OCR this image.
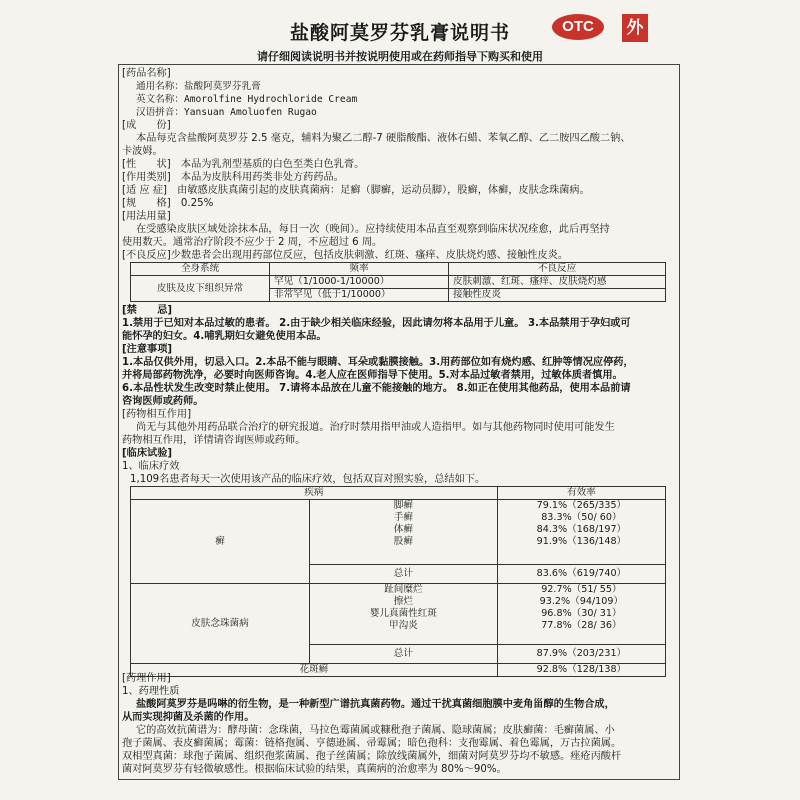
盐酸阿莫罗芬乳膏说明书	OTC	外
请仔细阅读说明书并按说明使用或在药师指导下购买和使用
[药品名称]
通用名称：盐酸阿莫罗芬乳膏
英文名称：Amorolfine Hydrochloride Cream
汉语拼音：Yansuan Amoluofen Rugao
[成　　份]
本品每克含盐酸阿莫罗芬 2.5 毫克，辅料为聚乙二醇-7 硬脂酸酯、液体石蜡、苯氧乙醇、乙二胺四乙酸二钠、
卡波姆。
[性　　状]　本品为乳剂型基质的白色至类白色乳膏。
[作用类别]　本品为皮肤科用药类非处方药药品。
[适 应 症]　由敏感皮肤真菌引起的皮肤真菌病：足癣（脚癣，运动员脚），股癣，体癣，皮肤念珠菌病。
[规　　格]　0.25%
[用法用量]
在受感染皮肤区域处涂抹本品，每日一次（晚间）。应持续使用本品直至观察到临床状况痊愈，此后再坚持
使用数天。通常治疗阶段不应少于 2 周，不应超过 6 周。
[不良反应]少数患者会出现用药部位反应，包括皮肤刺激、红斑、瘙痒、皮肤烧灼感、接触性皮炎。
全身系统	频率	不良反应
皮肤及皮下组织异常	罕见（1/1000-1/10000）	皮肤刺激、红斑、瘙痒、皮肤烧灼感
	非常罕见（低于1/10000）	接触性皮炎
[禁　　忌]
1.禁用于已知对本品过敏的患者。 2.由于缺少相关临床经验，因此请勿将本品用于儿童。 3.本品禁用于孕妇或可
能怀孕的妇女。4.哺乳期妇女避免使用本品。
[注意事项]
1.本品仅供外用，切忌入口。2.本品不能与眼睛、耳朵或黏膜接触。3.用药部位如有烧灼感、红肿等情况应停药，
并将局部药物洗净，必要时向医师咨询。4.老人应在医师指导下使用。5.对本品过敏者禁用，过敏体质者慎用。
6.本品性状发生改变时禁止使用。 7.请将本品放在儿童不能接触的地方。 8.如正在使用其他药品，使用本品前请
咨询医师或药师。
[药物相互作用]
尚无与其他外用药品联合治疗的研究报道。治疗时禁用指甲油或人造指甲。如与其他药物同时使用可能发生
药物相互作用，详情请咨询医师或药师。
[临床试验]
1、临床疗效
1,109名患者每天一次使用该产品的临床疗效，包括双盲对照实验，总结如下。
疾病		有效率
癣	脚癣	79.1%（265/335）
	手癣	83.3%（50/ 60）
	体癣	84.3%（168/197）
	股癣	91.9%（136/148）
	总计	83.6%（619/740）
皮肤念珠菌病	趾间糜烂	92.7%（51/ 55）
	擦烂	93.2%（94/109）
	婴儿真菌性红斑	96.8%（30/ 31）
	甲沟炎	77.8%（28/ 36）
	总计	87.9%（203/231）
花斑癣		92.8%（128/138）
[药理作用]
1、药理性质
盐酸阿莫罗芬是吗啉的衍生物，是一种新型广谱抗真菌药物。通过干扰真菌细胞膜中麦角甾醇的生物合成，
从而实现抑菌及杀菌的作用。
它的高效抗菌谱为：酵母菌：念珠菌，马拉色霉菌属或糠秕孢子菌属、隐球菌属；皮肤癣菌：毛癣菌属、小
孢子菌属、表皮癣菌属；霉菌：链格孢属、亨德逊属、帚霉属；暗色孢科：支孢霉属、着色霉属，万古拉菌属。
双相型真菌：球孢子菌属、组织孢浆菌属、孢子丝菌属；除放线菌属外，细菌对阿莫罗芬均不敏感。痤疮丙酸杆
菌对阿莫罗芬有轻微敏感性。根据临床试验的结果，真菌病的治愈率为 80%～90%。
